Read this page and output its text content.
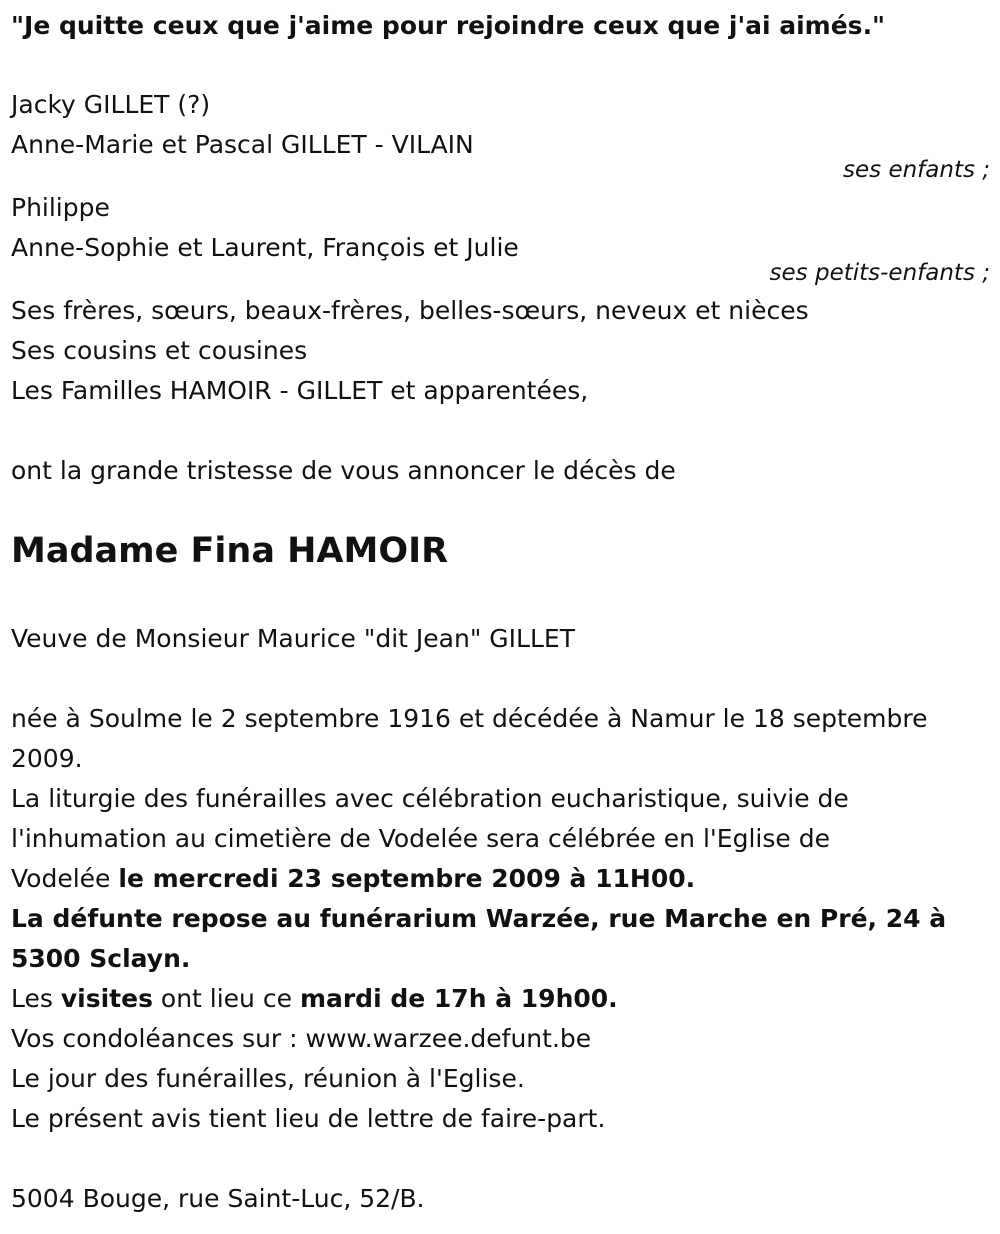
"Je quitte ceux que j'aime pour rejoindre ceux que j'ai aimés."

Jacky GILLET (?)

Anne-Marie et Pascal GILLET - VILAIN

ses enfants ;

Philippe

Anne-Sophie et Laurent, François et Julie

ses petits-enfants ;

Ses frères, sœurs, beaux-frères, belles-sœurs, neveux et nièces

Ses cousins et cousines

Les Familles HAMOIR - GILLET et apparentées,

ont la grande tristesse de vous annoncer le décès de

Madame Fina HAMOIR

Veuve de Monsieur Maurice "dit Jean" GILLET

née à Soulme le 2 septembre 1916 et décédée à Namur le 18 septembre

2009.

La liturgie des funérailles avec célébration eucharistique, suivie de

l'inhumation au cimetière de Vodelée sera célébrée en l'Eglise de

Vodelée le mercredi 23 septembre 2009 à 11H00.

La défunte repose au funérarium Warzée, rue Marche en Pré, 24 à

5300 Sclayn.

Les visites ont lieu ce mardi de 17h à 19h00.

Vos condoléances sur : www.warzee.defunt.be

Le jour des funérailles, réunion à l'Eglise.

Le présent avis tient lieu de lettre de faire-part.

5004 Bouge, rue Saint-Luc, 52/B.
